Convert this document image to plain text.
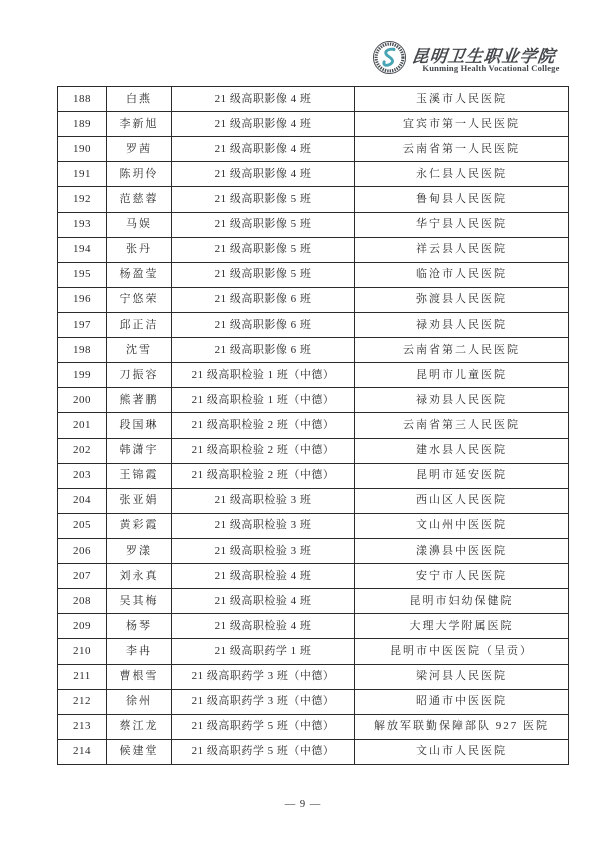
昆明卫生职业学院
Kunming Health Vocational College
188	白燕	21 级高职影像 4 班	玉溪市人民医院
189	李新旭	21 级高职影像 4 班	宜宾市第一人民医院
190	罗茜	21 级高职影像 4 班	云南省第一人民医院
191	陈玥伶	21 级高职影像 4 班	永仁县人民医院
192	范慈蓉	21 级高职影像 5 班	鲁甸县人民医院
193	马娱	21 级高职影像 5 班	华宁县人民医院
194	张丹	21 级高职影像 5 班	祥云县人民医院
195	杨盈莹	21 级高职影像 5 班	临沧市人民医院
196	宁悠荣	21 级高职影像 6 班	弥渡县人民医院
197	邱正洁	21 级高职影像 6 班	禄劝县人民医院
198	沈雪	21 级高职影像 6 班	云南省第二人民医院
199	刀振容	21 级高职检验 1 班（中德）	昆明市儿童医院
200	熊著鹏	21 级高职检验 1 班（中德）	禄劝县人民医院
201	段国琳	21 级高职检验 2 班（中德）	云南省第三人民医院
202	韩潇宇	21 级高职检验 2 班（中德）	建水县人民医院
203	王锦霞	21 级高职检验 2 班（中德）	昆明市延安医院
204	张亚娟	21 级高职检验 3 班	西山区人民医院
205	黄彩霞	21 级高职检验 3 班	文山州中医医院
206	罗漾	21 级高职检验 3 班	漾濞县中医医院
207	刘永真	21 级高职检验 4 班	安宁市人民医院
208	吴其梅	21 级高职检验 4 班	昆明市妇幼保健院
209	杨琴	21 级高职检验 4 班	大理大学附属医院
210	李冉	21 级高职药学 1 班	昆明市中医医院（呈贡）
211	曹根雪	21 级高职药学 3 班（中德）	梁河县人民医院
212	徐州	21 级高职药学 3 班（中德）	昭通市中医医院
213	蔡江龙	21 级高职药学 5 班（中德）	解放军联勤保障部队 927 医院
214	候建堂	21 级高职药学 5 班（中德）	文山市人民医院
— 9 —
